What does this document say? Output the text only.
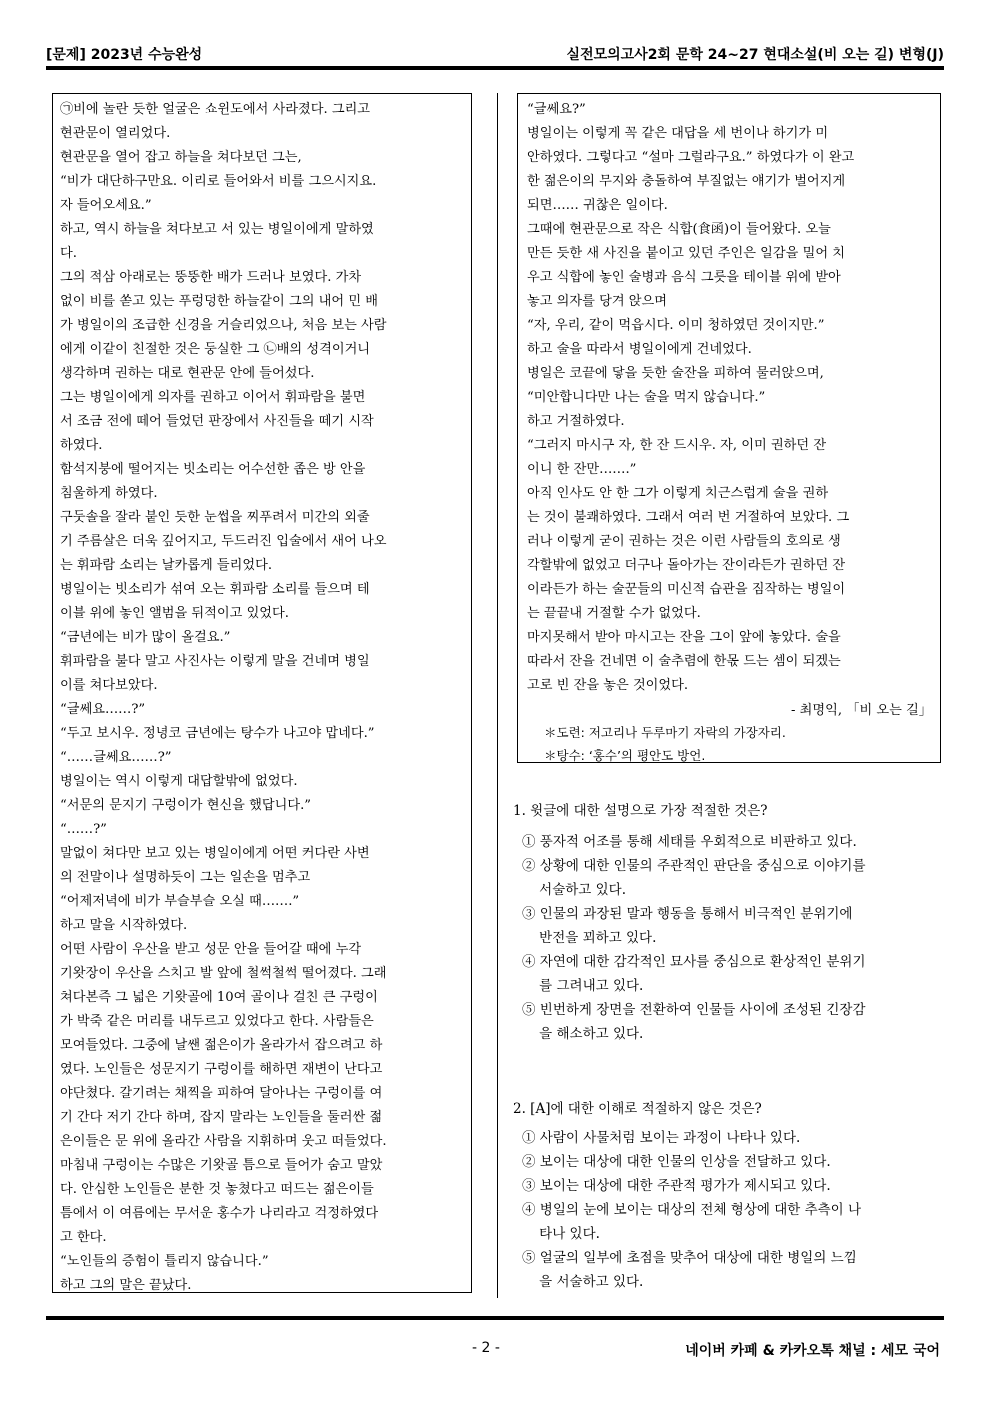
[문제] 2023년 수능완성	실전모의고사2회 문학 24~27 현대소설(비 오는 길) 변형(J)
㉠비에 놀란 듯한 얼굴은 쇼윈도에서 사라졌다. 그리고
현관문이 열리었다.
현관문을 열어 잡고 하늘을 쳐다보던 그는,
“비가 대단하구만요. 이리로 들어와서 비를 그으시지요.
자 들어오세요.”
하고, 역시 하늘을 쳐다보고 서 있는 병일이에게 말하였
다.
그의 적삼 아래로는 뚱뚱한 배가 드러나 보였다. 가차
없이 비를 쏟고 있는 푸렁덩한 하늘같이 그의 내어 민 배
가 병일이의 조급한 신경을 거슬리었으나, 처음 보는 사람
에게 이같이 친절한 것은 둥실한 그 ㉡배의 성격이거니
생각하며 권하는 대로 현관문 안에 들어섰다.
그는 병일이에게 의자를 권하고 이어서 휘파람을 불면
서 조금 전에 떼어 들었던 판장에서 사진들을 떼기 시작
하였다.
함석지붕에 떨어지는 빗소리는 어수선한 좁은 방 안을
침울하게 하였다.
구둣솔을 잘라 붙인 듯한 눈썹을 찌푸려서 미간의 외줄
기 주름살은 더욱 깊어지고, 두드러진 입술에서 새어 나오
는 휘파람 소리는 날카롭게 들리었다.
병일이는 빗소리가 섞여 오는 휘파람 소리를 들으며 테
이블 위에 놓인 앨범을 뒤적이고 있었다.
“금년에는 비가 많이 올걸요.”
휘파람을 불다 말고 사진사는 이렇게 말을 건네며 병일
이를 쳐다보았다.
“글쎄요……?”
“두고 보시우. 정녕코 금년에는 탕수가 나고야 맙네다.”
“……글쎄요……?”
병일이는 역시 이렇게 대답할밖에 없었다.
“서문의 문지기 구렁이가 현신을 했답니다.”
“……?”
말없이 쳐다만 보고 있는 병일이에게 어떤 커다란 사변
의 전말이나 설명하듯이 그는 일손을 멈추고
“어제저녁에 비가 부슬부슬 오실 때…….”
하고 말을 시작하였다.
어떤 사람이 우산을 받고 성문 안을 들어갈 때에 누각
기왓장이 우산을 스치고 발 앞에 철썩철썩 떨어졌다. 그래
쳐다본즉 그 넓은 기왓골에 10여 골이나 걸친 큰 구렁이
가 박죽 같은 머리를 내두르고 있었다고 한다. 사람들은
모여들었다. 그중에 날쌘 젊은이가 올라가서 잡으려고 하
였다. 노인들은 성문지기 구렁이를 해하면 재변이 난다고
야단쳤다. 갈기려는 채찍을 피하여 달아나는 구렁이를 여
기 간다 저기 간다 하며, 잡지 말라는 노인들을 둘러싼 젊
은이들은 문 위에 올라간 사람을 지휘하며 웃고 떠들었다.
마침내 구렁이는 수많은 기왓골 틈으로 들어가 숨고 말았
다. 안심한 노인들은 분한 것 놓쳤다고 떠드는 젊은이들
틈에서 이 여름에는 무서운 홍수가 나리라고 걱정하였다
고 한다.
“노인들의 증험이 틀리지 않습니다.”
하고 그의 말은 끝났다.
“글쎄요?”
병일이는 이렇게 꼭 같은 대답을 세 번이나 하기가 미
안하였다. 그렇다고 “설마 그럴라구요.” 하였다가 이 완고
한 젊은이의 무지와 충돌하여 부질없는 얘기가 벌어지게
되면…… 귀찮은 일이다.
그때에 현관문으로 작은 식합(食函)이 들어왔다. 오늘
만든 듯한 새 사진을 붙이고 있던 주인은 일감을 밀어 치
우고 식합에 놓인 술병과 음식 그릇을 테이블 위에 받아
놓고 의자를 당겨 앉으며
“자, 우리, 같이 먹읍시다. 이미 청하였던 것이지만.”
하고 술을 따라서 병일이에게 건네었다.
병일은 코끝에 닿을 듯한 술잔을 피하여 물러앉으며,
“미안합니다만 나는 술을 먹지 않습니다.”
하고 거절하였다.
“그러지 마시구 자, 한 잔 드시우. 자, 이미 권하던 잔
이니 한 잔만…….”
아직 인사도 안 한 그가 이렇게 치근스럽게 술을 권하
는 것이 불쾌하였다. 그래서 여러 번 거절하여 보았다. 그
러나 이렇게 굳이 권하는 것은 이런 사람들의 호의로 생
각할밖에 없었고 더구나 돌아가는 잔이라든가 권하던 잔
이라든가 하는 술꾼들의 미신적 습관을 짐작하는 병일이
는 끝끝내 거절할 수가 없었다.
마지못해서 받아 마시고는 잔을 그이 앞에 놓았다. 술을
따라서 잔을 건네면 이 술추렴에 한몫 드는 셈이 되겠는
고로 빈 잔을 놓은 것이었다.
- 최명익, 「비 오는 길」
＊도련: 저고리나 두루마기 자락의 가장자리.
＊탕수: ‘홍수’의 평안도 방언.
1. 윗글에 대한 설명으로 가장 적절한 것은?
① 풍자적 어조를 통해 세태를 우회적으로 비판하고 있다.
② 상황에 대한 인물의 주관적인 판단을 중심으로 이야기를
서술하고 있다.
③ 인물의 과장된 말과 행동을 통해서 비극적인 분위기에
반전을 꾀하고 있다.
④ 자연에 대한 감각적인 묘사를 중심으로 환상적인 분위기
를 그려내고 있다.
⑤ 빈번하게 장면을 전환하여 인물들 사이에 조성된 긴장감
을 해소하고 있다.
2. [A]에 대한 이해로 적절하지 않은 것은?
① 사람이 사물처럼 보이는 과정이 나타나 있다.
② 보이는 대상에 대한 인물의 인상을 전달하고 있다.
③ 보이는 대상에 대한 주관적 평가가 제시되고 있다.
④ 병일의 눈에 보이는 대상의 전체 형상에 대한 추측이 나
타나 있다.
⑤ 얼굴의 일부에 초점을 맞추어 대상에 대한 병일의 느낌
을 서술하고 있다.
- 2 -	네이버 카페 & 카카오톡 채널 : 세모 국어
